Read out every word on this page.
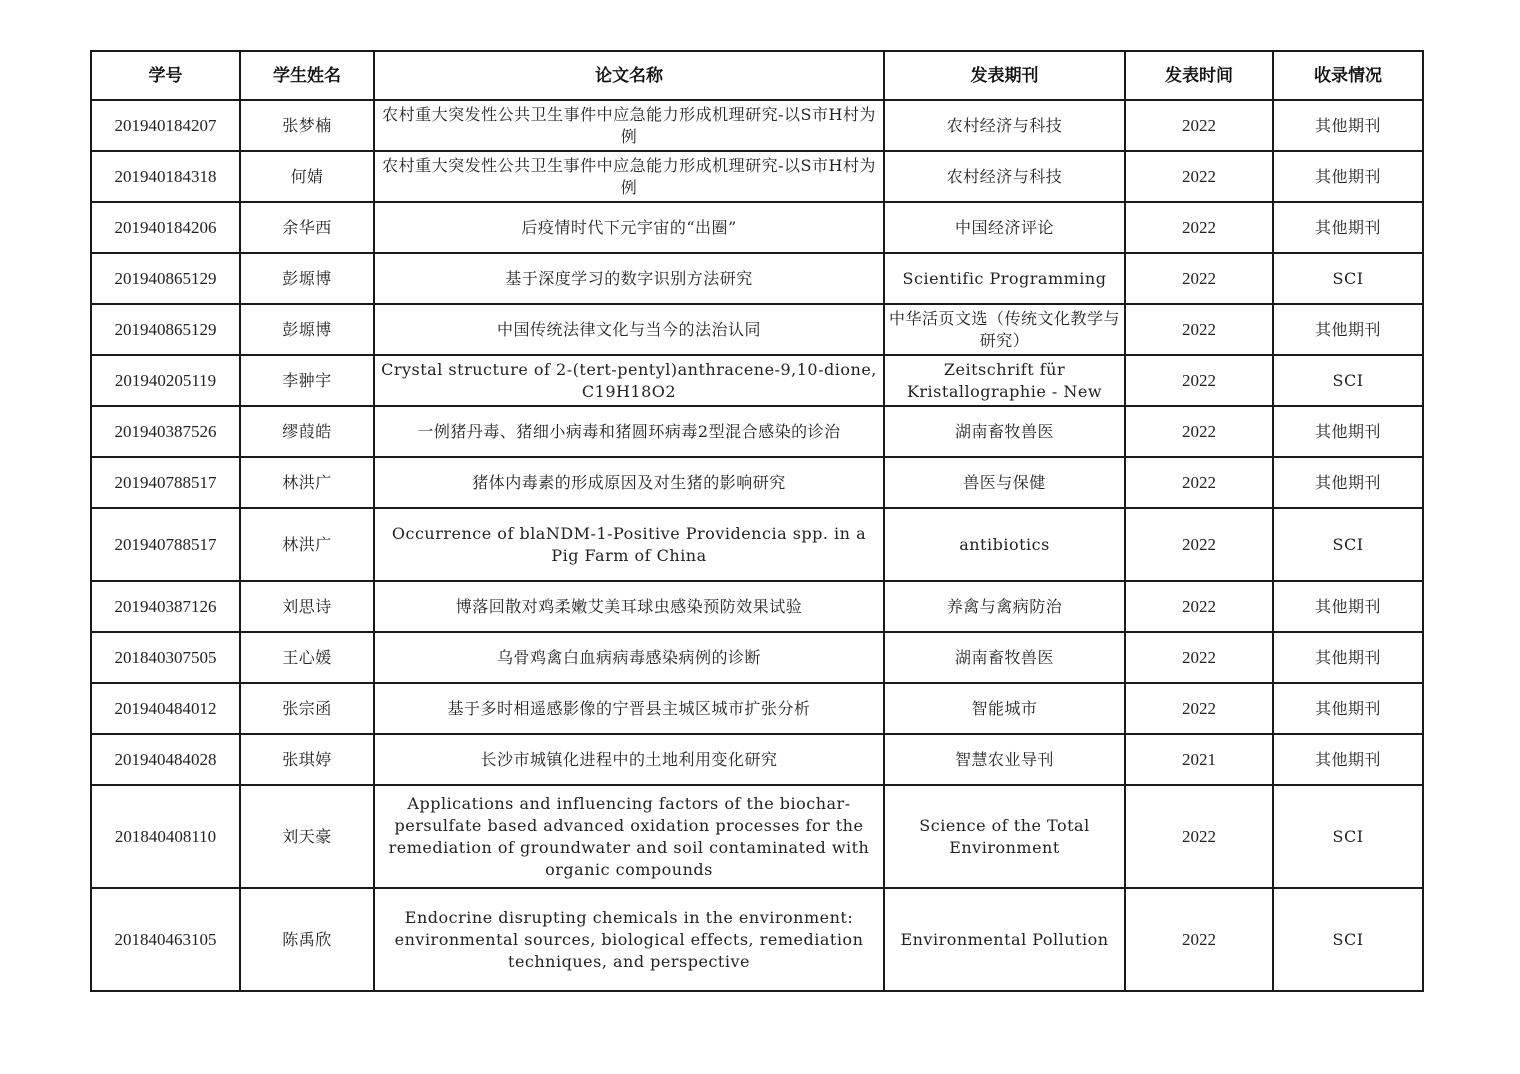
学号	学生姓名	论文名称	发表期刊	发表时间	收录情况
201940184207	张梦楠	农村重大突发性公共卫生事件中应急能力形成机理研究-以S市H村为例	农村经济与科技	2022	其他期刊
201940184318	何婧	农村重大突发性公共卫生事件中应急能力形成机理研究-以S市H村为例	农村经济与科技	2022	其他期刊
201940184206	余华西	后疫情时代下元宇宙的“出圈”	中国经济评论	2022	其他期刊
201940865129	彭塬博	基于深度学习的数字识别方法研究	Scientific Programming	2022	SCI
201940865129	彭塬博	中国传统法律文化与当今的法治认同	中华活页文选（传统文化教学与研究）	2022	其他期刊
201940205119	李翀宇	Crystal structure of 2-(tert-pentyl)anthracene-9,10-dione, C19H18O2	Zeitschrift für Kristallographie - New	2022	SCI
201940387526	缪葭皓	一例猪丹毒、猪细小病毒和猪圆环病毒2型混合感染的诊治	湖南畜牧兽医	2022	其他期刊
201940788517	林洪广	猪体内毒素的形成原因及对生猪的影响研究	兽医与保健	2022	其他期刊
201940788517	林洪广	Occurrence of blaNDM-1-Positive Providencia spp. in a Pig Farm of China	antibiotics	2022	SCI
201940387126	刘思诗	博落回散对鸡柔嫩艾美耳球虫感染预防效果试验	养禽与禽病防治	2022	其他期刊
201840307505	王心媛	乌骨鸡禽白血病病毒感染病例的诊断	湖南畜牧兽医	2022	其他期刊
201940484012	张宗函	基于多时相遥感影像的宁晋县主城区城市扩张分析	智能城市	2022	其他期刊
201940484028	张琪婷	长沙市城镇化进程中的土地利用变化研究	智慧农业导刊	2021	其他期刊
201840408110	刘天豪	Applications and influencing factors of the biochar-persulfate based advanced oxidation processes for the remediation of groundwater and soil contaminated with organic compounds	Science of the Total Environment	2022	SCI
201840463105	陈禹欣	Endocrine disrupting chemicals in the environment: environmental sources, biological effects, remediation techniques, and perspective	Environmental Pollution	2022	SCI
